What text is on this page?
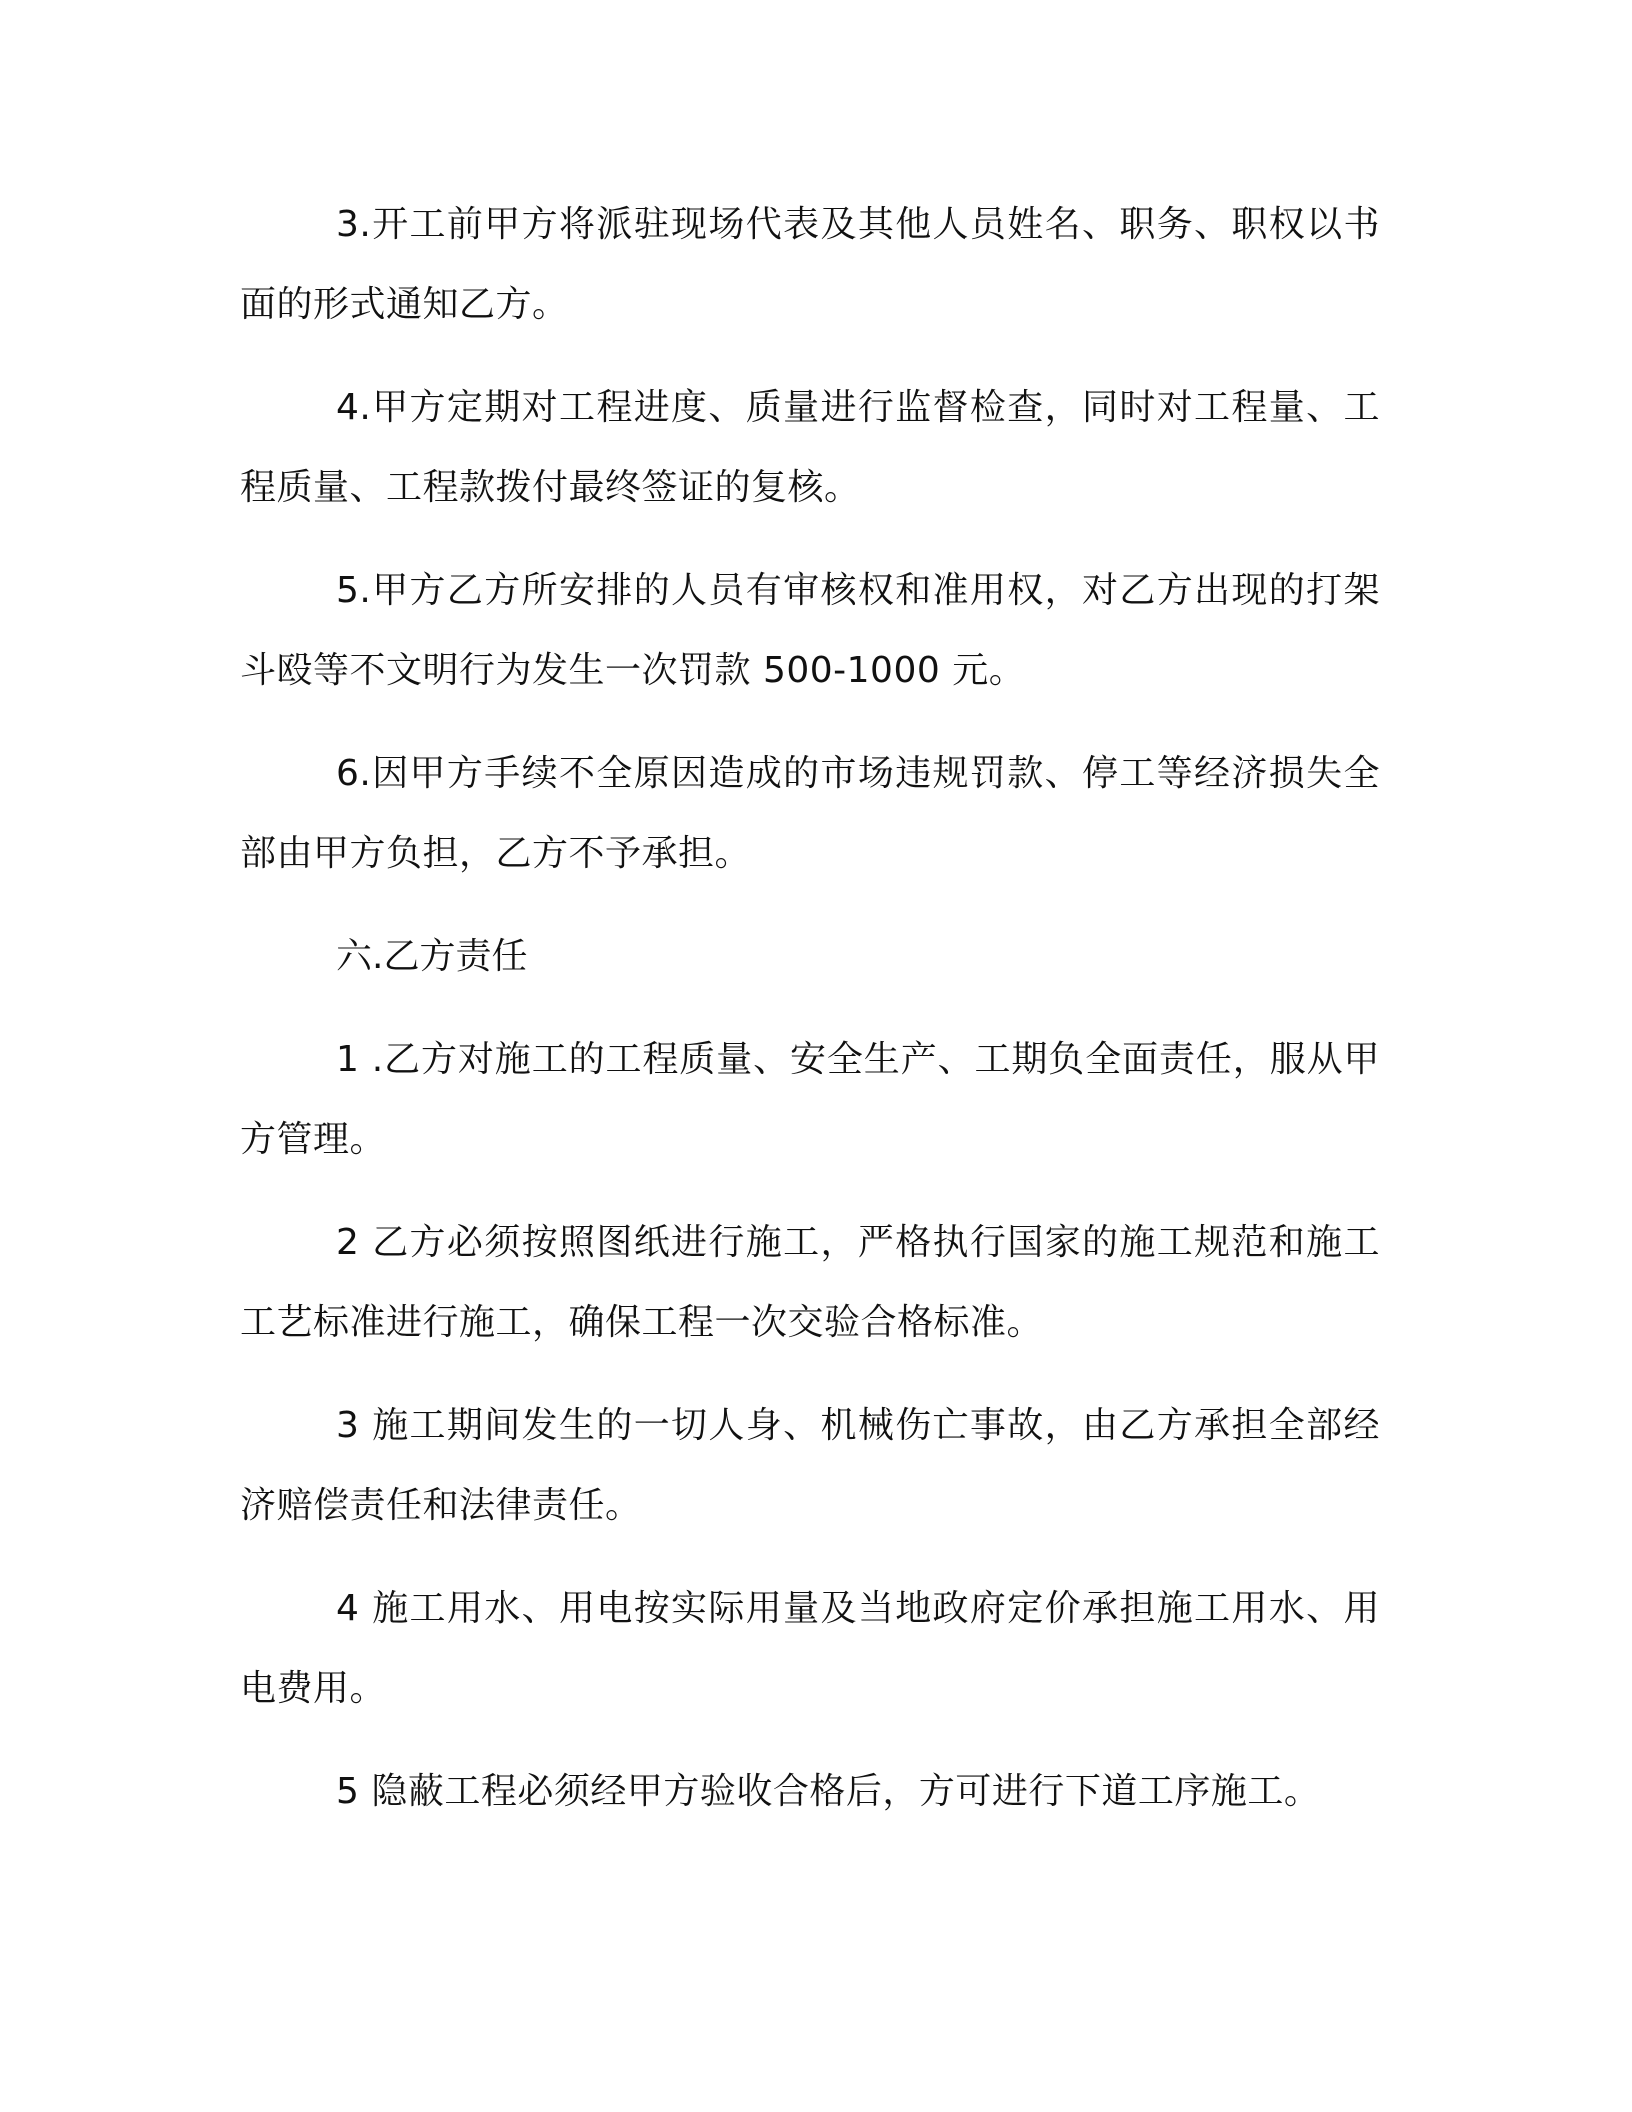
3.开工前甲方将派驻现场代表及其他人员姓名、职务、职权以书面的形式通知乙方。

4.甲方定期对工程进度、质量进行监督检查，同时对工程量、工程质量、工程款拨付最终签证的复核。

5.甲方乙方所安排的人员有审核权和准用权，对乙方出现的打架斗殴等不文明行为发生一次罚款 500-1000 元。

6.因甲方手续不全原因造成的市场违规罚款、停工等经济损失全部由甲方负担，乙方不予承担。

六.乙方责任

1 .乙方对施工的工程质量、安全生产、工期负全面责任，服从甲方管理。

2 乙方必须按照图纸进行施工，严格执行国家的施工规范和施工工艺标准进行施工，确保工程一次交验合格标准。

3 施工期间发生的一切人身、机械伤亡事故，由乙方承担全部经济赔偿责任和法律责任。

4 施工用水、用电按实际用量及当地政府定价承担施工用水、用电费用。

5 隐蔽工程必须经甲方验收合格后，方可进行下道工序施工。
